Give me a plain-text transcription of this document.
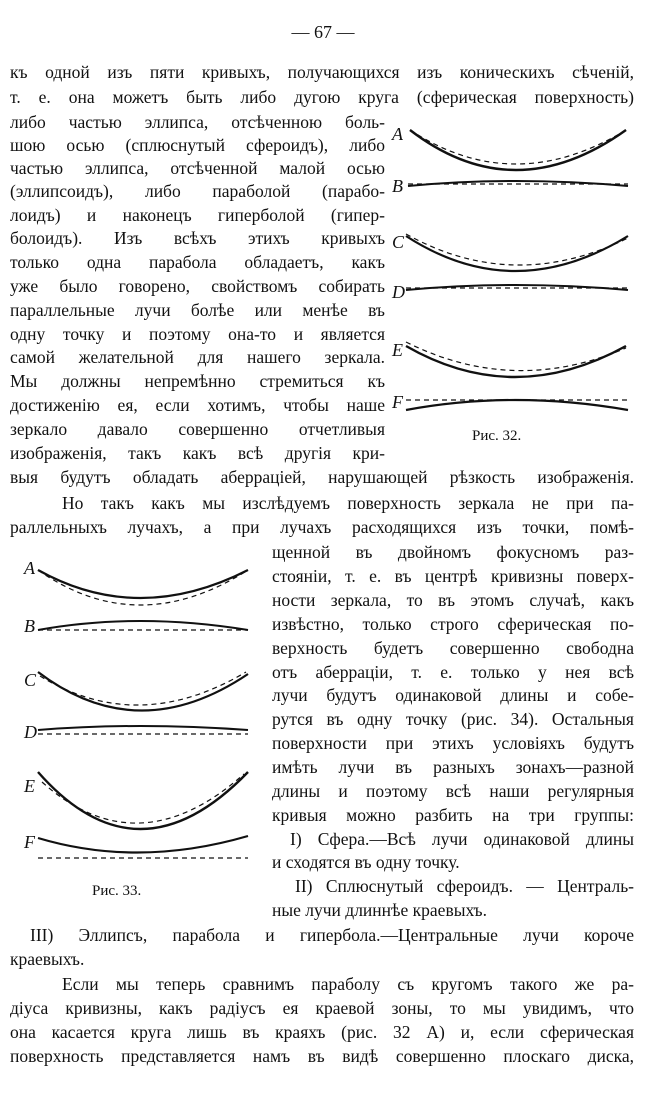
— 67 —
къ одной изъ пяти кривыхъ, получающихся изъ коническихъ сѣченій,
т. е. она можетъ быть либо дугою круга (сферическая поверхность)
либо частью эллипса, отсѣченною боль-
шою осью (сплюснутый сфероидъ), либо
частью эллипса, отсѣченной малой осью
(эллипсоидъ), либо параболой (парабо-
лоидъ) и наконецъ гиперболой (гипер-
болоидъ). Изъ всѣхъ этихъ кривыхъ
только одна парабола обладаетъ, какъ
уже было говорено, свойствомъ собирать
параллельные лучи болѣе или менѣе въ
одну точку и поэтому она-то и является
самой желательной для нашего зеркала.
Мы должны непремѣнно стремиться къ
достиженію ея, если хотимъ, чтобы наше
зеркало давало совершенно отчетливыя
изображенія, такъ какъ всѣ другія кри-
выя будутъ обладать аберраціей, нарушающей рѣзкость изображенія.
Но такъ какъ мы изслѣдуемъ поверхность зеркала не при па-
раллельныхъ лучахъ, а при лучахъ расходящихся изъ точки, помѣ-
щенной въ двойномъ фокусномъ раз-
стояніи, т. е. въ центрѣ кривизны поверх-
ности зеркала, то въ этомъ случаѣ, какъ
извѣстно, только строго сферическая по-
верхность будетъ совершенно свободна
отъ аберраціи, т. е. только у нея всѣ
лучи будутъ одинаковой длины и собе-
рутся въ одну точку (рис. 34). Остальныя
поверхности при этихъ условіяхъ будутъ
имѣть лучи въ разныхъ зонахъ—разной
длины и поэтому всѣ наши регулярныя
кривыя можно разбить на три группы:
I) Сфера.—Всѣ лучи одинаковой длины
и сходятся въ одну точку.
II) Сплюснутый сфероидъ. — Централь-
ные лучи длиннѣе краевыхъ.
III) Эллипсъ, парабола и гипербола.—Центральные лучи короче
краевыхъ.
Если мы теперь сравнимъ параболу съ кругомъ такого же ра-
діуса кривизны, какъ радіусъ ея краевой зоны, то мы увидимъ, что
она касается круга лишь въ краяхъ (рис. 32 А) и, если сферическая
поверхность представляется намъ въ видѣ совершенно плоскаго диска,
A
B
C
D
E
F
Рис. 32.
A
B
C
D
E
F
Рис. 33.
